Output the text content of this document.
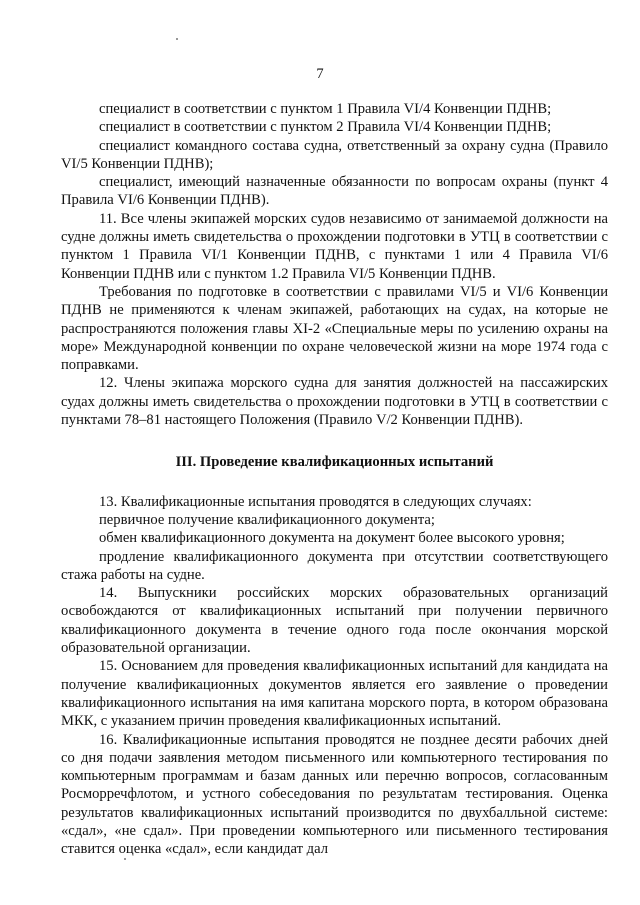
7

специалист в соответствии с пунктом 1 Правила VI/4 Конвенции ПДНВ;

специалист в соответствии с пунктом 2 Правила VI/4 Конвенции ПДНВ;

специалист командного состава судна, ответственный за охрану судна (Правило VI/5 Конвенции ПДНВ);

специалист, имеющий назначенные обязанности по вопросам охраны (пункт 4 Правила VI/6 Конвенции ПДНВ).

11. Все члены экипажей морских судов независимо от занимаемой должности на судне должны иметь свидетельства о прохождении подготовки в УТЦ в соответствии с пунктом 1 Правила VI/1 Конвенции ПДНВ, с пунктами 1 или 4 Правила VI/6 Конвенции ПДНВ или с пунктом 1.2 Правила VI/5 Конвенции ПДНВ.

Требования по подготовке в соответствии с правилами VI/5 и VI/6 Конвенции ПДНВ не применяются к членам экипажей, работающих на судах, на которые не распространяются положения главы XI-2 «Специальные меры по усилению охраны на море» Международной конвенции по охране человеческой жизни на море 1974 года с поправками.

12. Члены экипажа морского судна для занятия должностей на пассажирских судах должны иметь свидетельства о прохождении подготовки в УТЦ в соответствии с пунктами 78–81 настоящего Положения (Правило V/2 Конвенции ПДНВ).

III. Проведение квалификационных испытаний

13. Квалификационные испытания проводятся в следующих случаях:

первичное получение квалификационного документа;

обмен квалификационного документа на документ более высокого уровня;

продление квалификационного документа при отсутствии соответствующего стажа работы на судне.

14. Выпускники российских морских образовательных организаций освобождаются от квалификационных испытаний при получении первичного квалификационного документа в течение одного года после окончания морской образовательной организации.

15. Основанием для проведения квалификационных испытаний для кандидата на получение квалификационных документов является его заявление о проведении квалификационного испытания на имя капитана морского порта, в котором образована МКК, с указанием причин проведения квалификационных испытаний.

16. Квалификационные испытания проводятся не позднее десяти рабочих дней со дня подачи заявления методом письменного или компьютерного тестирования по компьютерным программам и базам данных или перечню вопросов, согласованным Росморречфлотом, и устного собеседования по результатам тестирования. Оценка результатов квалификационных испытаний производится по двухбалльной системе: «сдал», «не сдал». При проведении компьютерного или письменного тестирования ставится оценка «сдал», если кандидат дал
